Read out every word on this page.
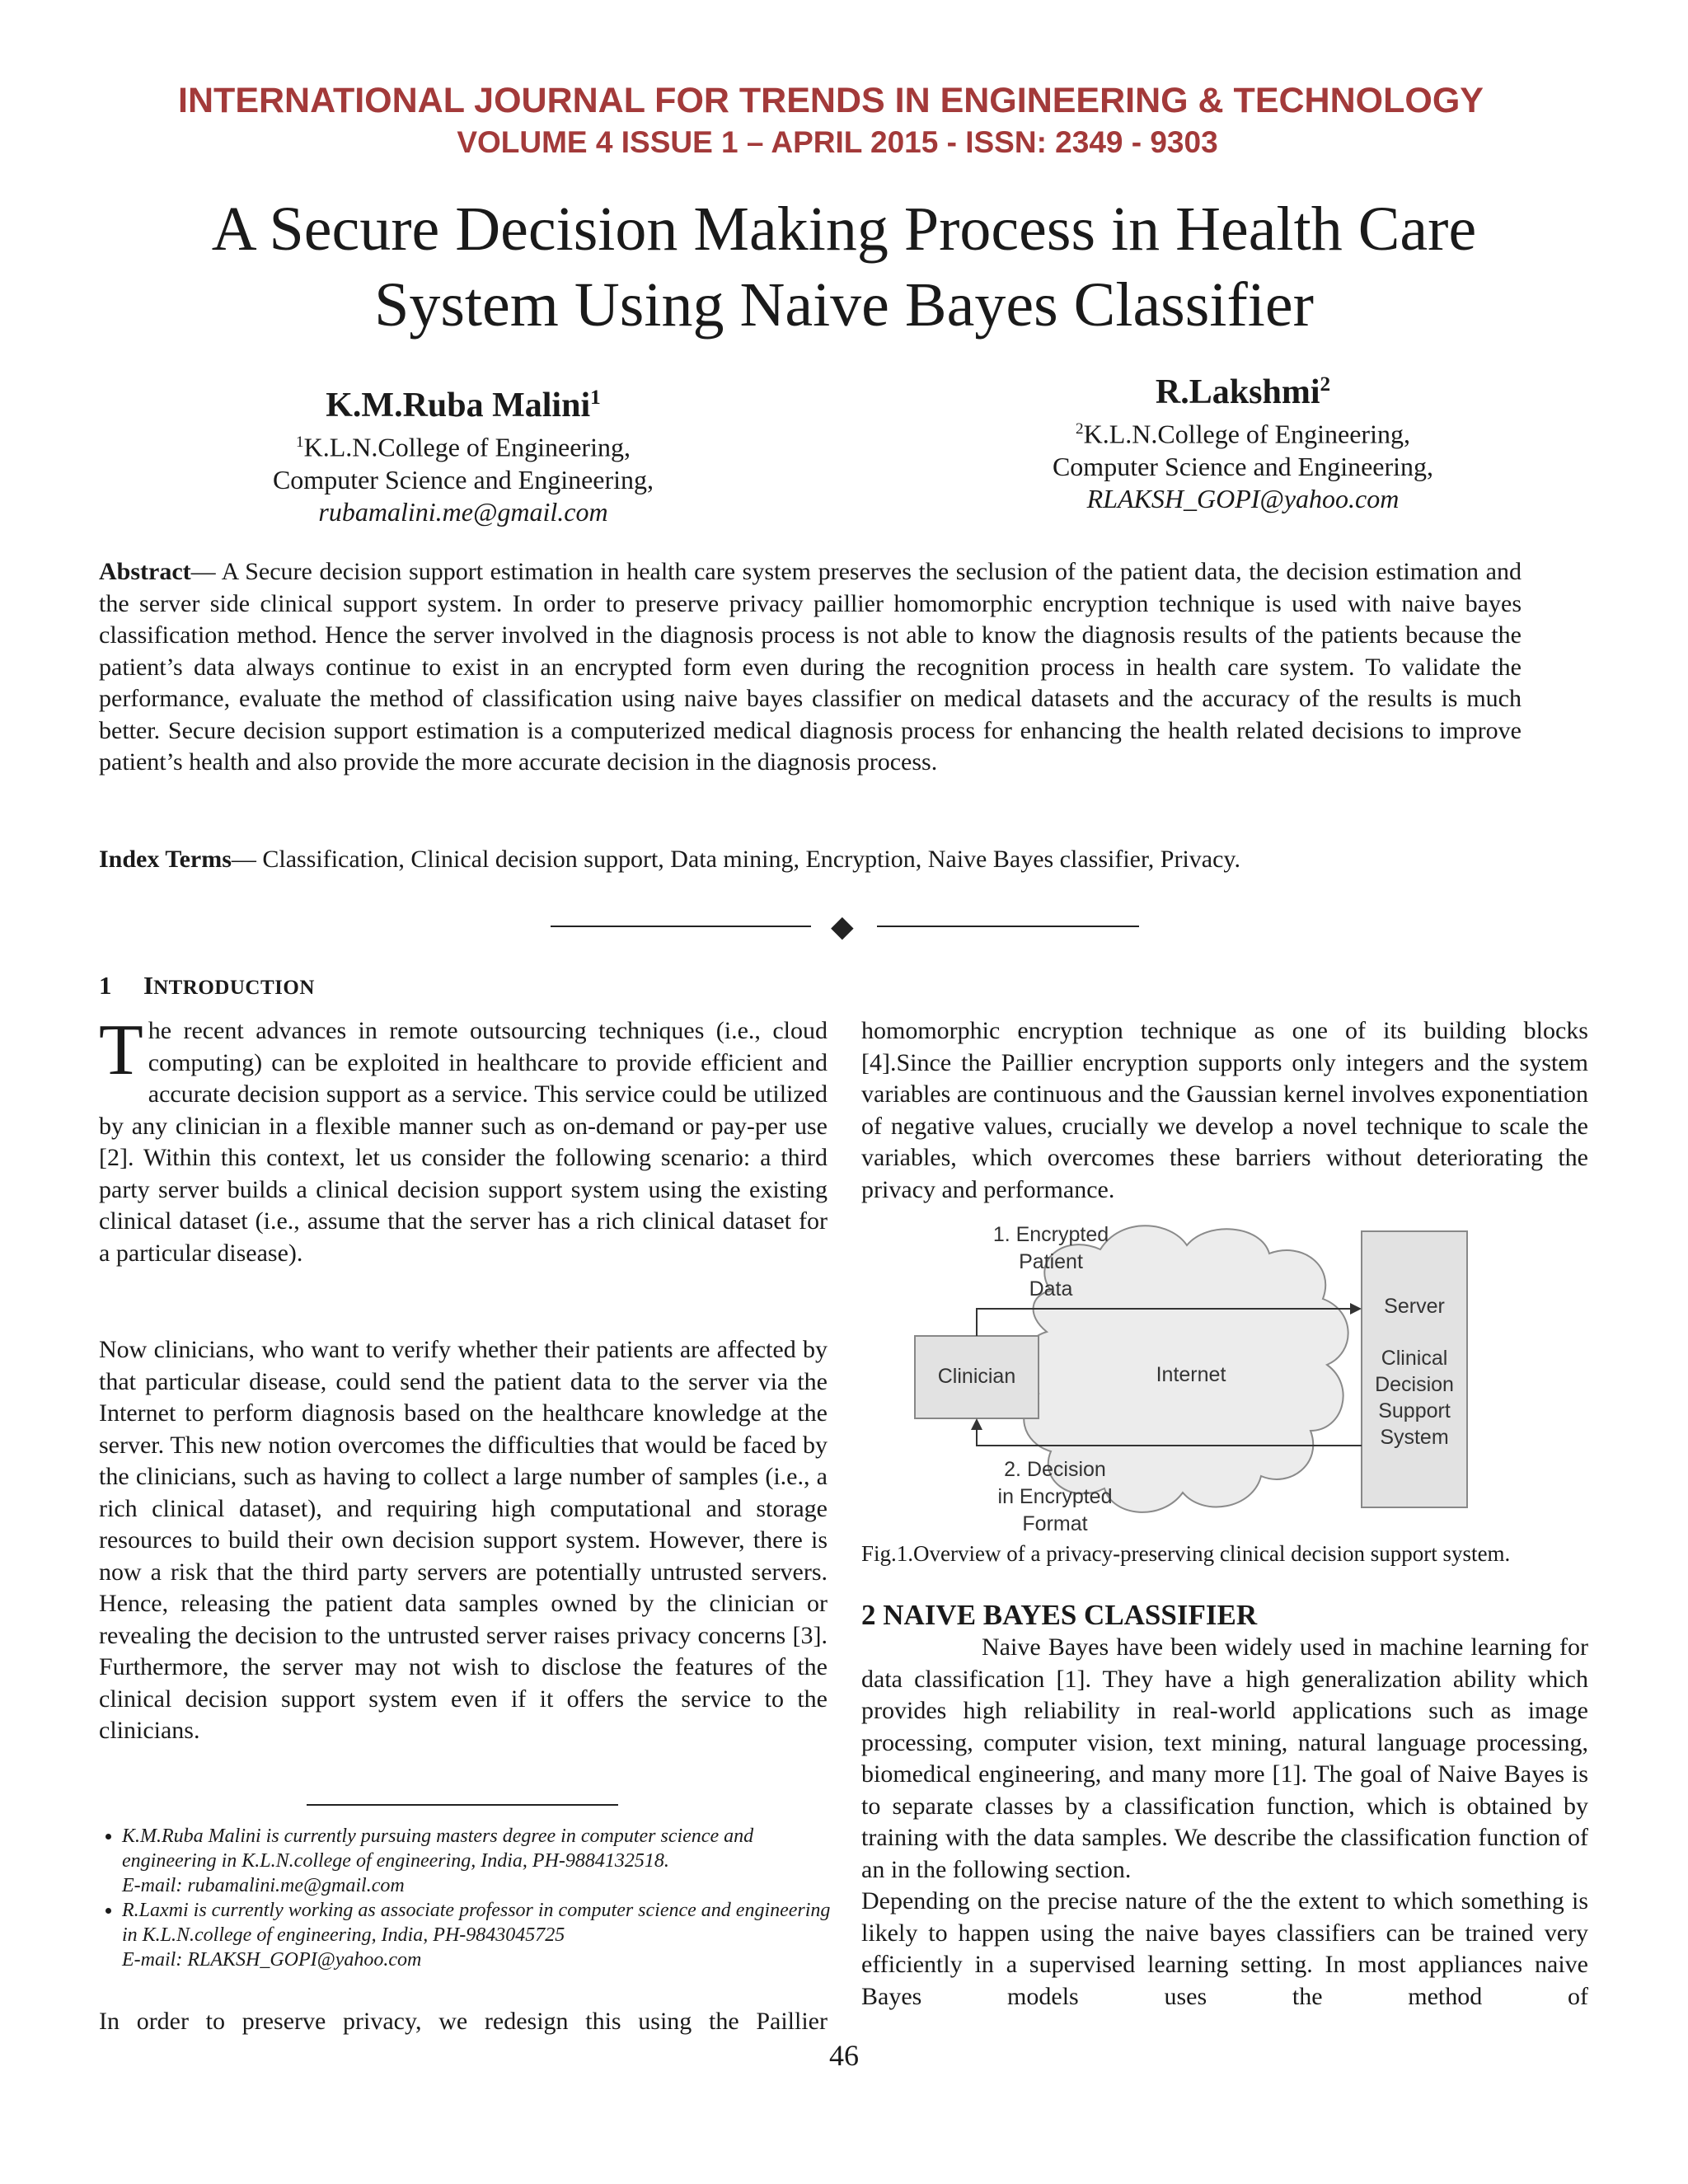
INTERNATIONAL JOURNAL FOR TRENDS IN ENGINEERING & TECHNOLOGY
VOLUME 4 ISSUE 1 – APRIL 2015 - ISSN: 2349 - 9303
A Secure Decision Making Process in Health Care
System Using Naive Bayes Classifier
K.M.Ruba Malini$^1$
$^1$K.L.N.College of Engineering,
Computer Science and Engineering,
rubamalini.me@gmail.com
R.Lakshmi$^2$
$^2$K.L.N.College of Engineering,
Computer Science and Engineering,
RLAKSH_GOPI@yahoo.com
Abstract— A Secure decision support estimation in health care system preserves the seclusion of the patient data, the decision estimation and the server side clinical support system. In order to preserve privacy paillier homomorphic encryption technique is used with naive bayes classification method. Hence the server involved in the diagnosis process is not able to know the diagnosis results of the patients because the patient’s data always continue to exist in an encrypted form even during the recognition process in health care system. To validate the performance, evaluate the method of classification using naive bayes classifier on medical datasets and the accuracy of the results is much better. Secure decision support estimation is a computerized medical diagnosis process for enhancing the health related decisions to improve patient’s health and also provide the more accurate decision in the diagnosis process.
Index Terms— Classification, Clinical decision support, Data mining, Encryption, Naive Bayes classifier, Privacy.
◆
1 INTRODUCTION

The recent advances in remote outsourcing techniques (i.e., cloud computing) can be exploited in healthcare to provide efficient and accurate decision support as a service. This service could be utilized by any clinician in a flexible manner such as on-demand or pay-per use [2]. Within this context, let us consider the following scenario: a third party server builds a clinical decision support system using the existing clinical dataset (i.e., assume that the server has a rich clinical dataset for a particular disease).

Now clinicians, who want to verify whether their patients are affected by that particular disease, could send the patient data to the server via the Internet to perform diagnosis based on the healthcare knowledge at the server. This new notion overcomes the difficulties that would be faced by the clinicians, such as having to collect a large number of samples (i.e., a rich clinical dataset), and requiring high computational and storage resources to build their own decision support system. However, there is now a risk that the third party servers are potentially untrusted servers. Hence, releasing the patient data samples owned by the clinician or revealing the decision to the untrusted server raises privacy concerns [3]. Furthermore, the server may not wish to disclose the features of the clinical decision support system even if it offers the service to the clinicians.

• K.M.Ruba Malini is currently pursuing masters degree in computer science and engineering in K.L.N.college of engineering, India, PH-9884132518.
E-mail: rubamalini.me@gmail.com
• R.Laxmi is currently working as associate professor in computer science and engineering in K.L.N.college of engineering, India, PH-9843045725
E-mail: RLAKSH_GOPI@yahoo.com

In order to preserve privacy, we redesign this using the Paillier

homomorphic encryption technique as one of its building blocks [4].Since the Paillier encryption supports only integers and the system variables are continuous and the Gaussian kernel involves exponentiation of negative values, crucially we develop a novel technique to scale the variables, which overcomes these barriers without deteriorating the privacy and performance.

Internet
Clinician
Server
Clinical
Decision
Support
System
1. Encrypted
Patient
Data
2. Decision
in Encrypted
Format
Fig.1.Overview of a privacy-preserving clinical decision support system.
2 NAIVE BAYES CLASSIFIER

Naive Bayes have been widely used in machine learning for data classification [1]. They have a high generalization ability which provides high reliability in real-world applications such as image processing, computer vision, text mining, natural language processing, biomedical engineering, and many more [1]. The goal of Naive Bayes is to separate classes by a classification function, which is obtained by training with the data samples. We describe the classification function of an in the following section.

Depending on the precise nature of the the extent to which something is likely to happen using the naive bayes classifiers can be trained very efficiently in a supervised learning setting. In most appliances naive Bayes models uses the method of

46
